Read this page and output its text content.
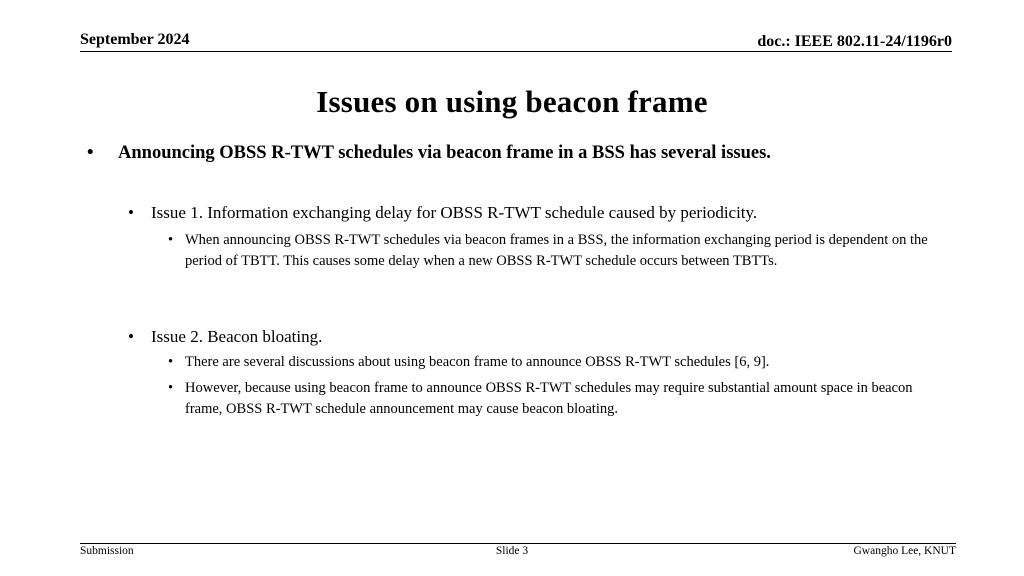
September 2024	doc.: IEEE 802.11-24/1196r0
Issues on using beacon frame
•	Announcing OBSS R-TWT schedules via beacon frame in a BSS has several issues.
•	Issue 1. Information exchanging delay for OBSS R-TWT schedule caused by periodicity.
• When announcing OBSS R-TWT schedules via beacon frames in a BSS, the information exchanging period is dependent on the period of TBTT. This causes some delay when a new OBSS R-TWT schedule occurs between TBTTs.
•	Issue 2. Beacon bloating.
• There are several discussions about using beacon frame to announce OBSS R-TWT schedules [6, 9].
• However, because using beacon frame to announce OBSS R-TWT schedules may require substantial amount space in beacon frame, OBSS R-TWT schedule announcement may cause beacon bloating.
Submission	Slide 3	Gwangho Lee, KNUT
